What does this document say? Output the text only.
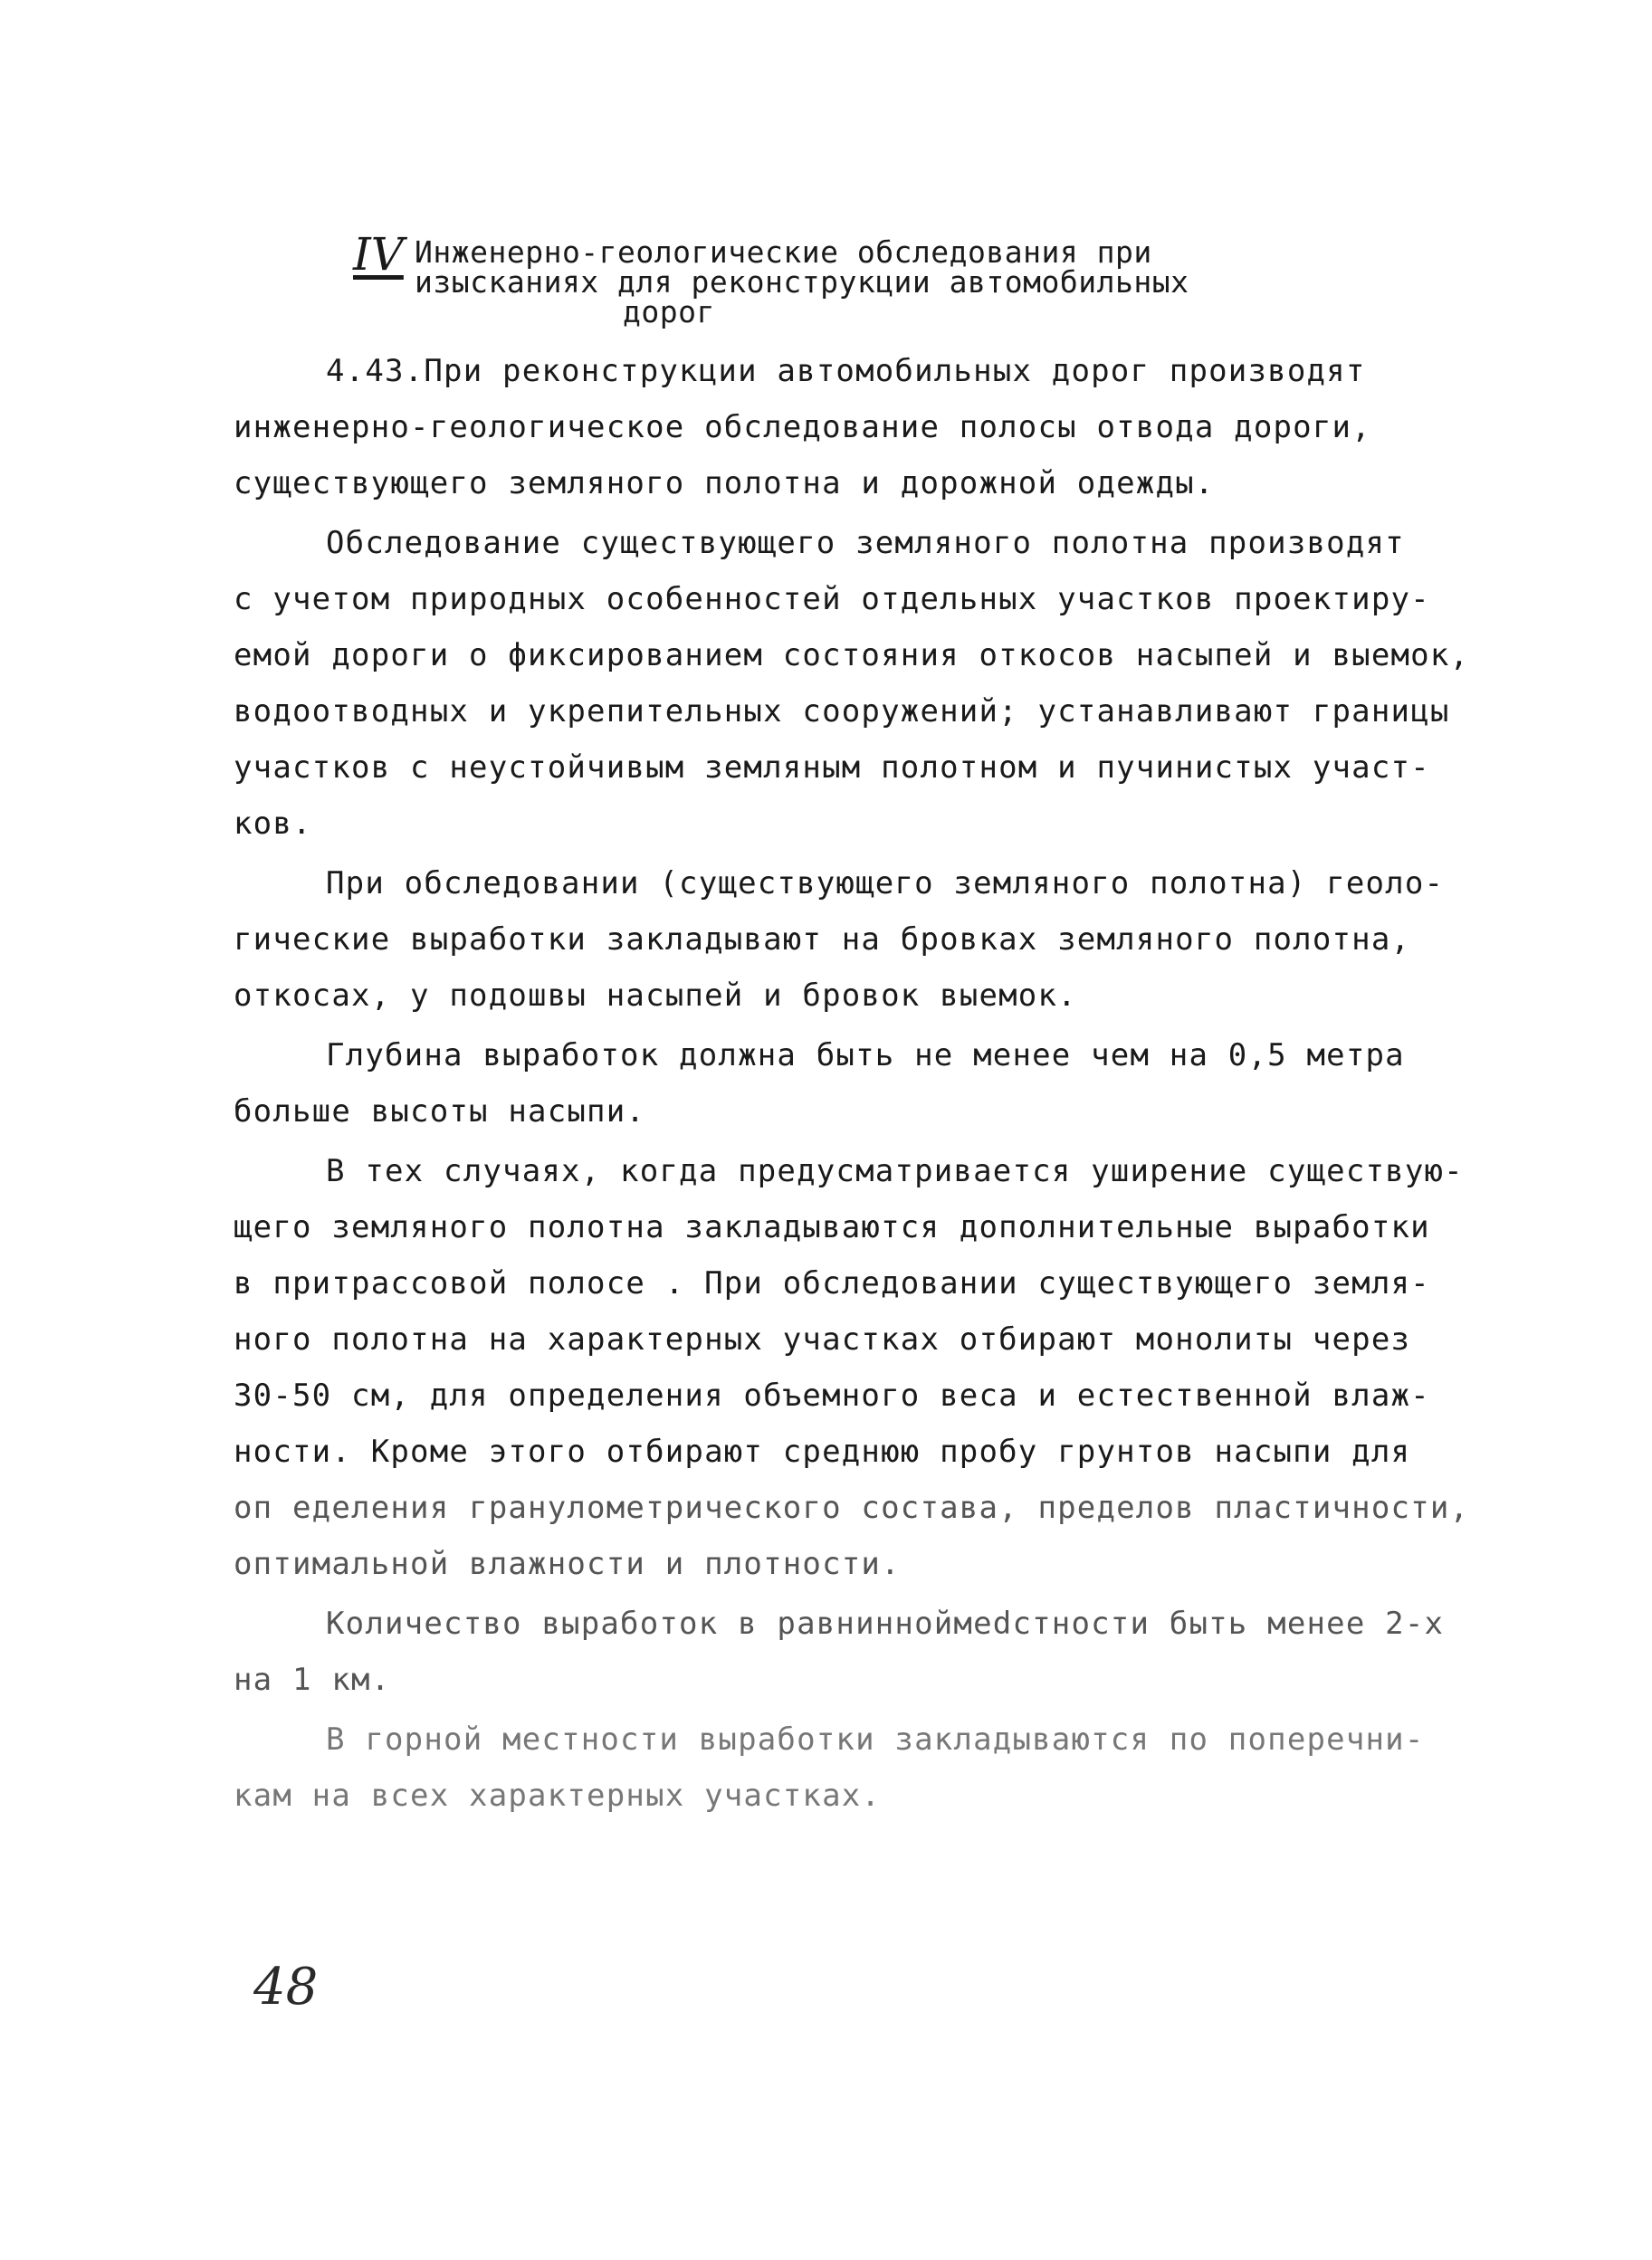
IV Инженерно-геологические обследования при
изысканиях для реконструкции автомобильных
дорог
4.43.При реконструкции автомобильных дорог производят
инженерно-геологическое обследование полосы отвода дороги,
существующего земляного полотна и дорожной одежды.
Обследование существующего земляного полотна производят
с учетом природных особенностей отдельных участков проектиру-
емой дороги о фиксированием состояния откосов насыпей и выемок,
водоотводных и укрепительных сооружений; устанавливают границы
участков с неустойчивым земляным полотном и пучинистых участ-
ков.
При обследовании (существующего земляного полотна) геоло-
гические выработки закладывают на бровках земляного полотна,
откосах, у подошвы насыпей и бровок выемок.
Глубина выработок должна быть не менее чем на 0,5 метра
больше высоты насыпи.
В тех случаях, когда предусматривается уширение существую-
щего земляного полотна закладываются дополнительные выработки
в притрассовой полосе . При обследовании существующего земля-
ного полотна на характерных участках отбирают монолиты через
30-50 см, для определения объемного веса и естественной влаж-
ности. Кроме этого отбирают среднюю пробу грунтов насыпи для
оп еделения гранулометрического состава, пределов пластичности,
оптимальной влажности и плотности.
Количество выработок в равнинноймеdстности быть менее 2-х
на 1 км.
В горной местности выработки закладываются по поперечни-
кам на всех характерных участках.
48
